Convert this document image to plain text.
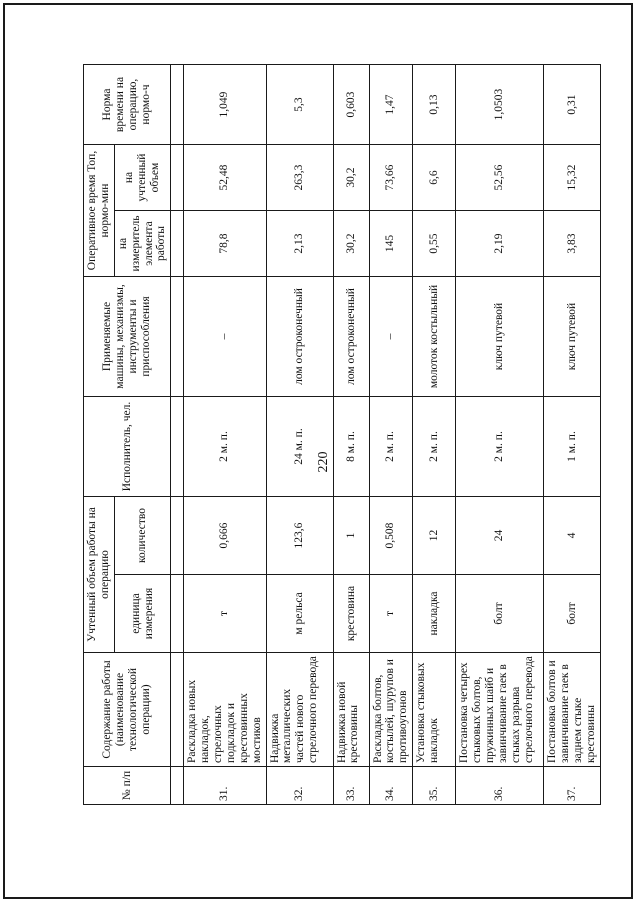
220
№ п/п	Содержание работы (наименование технологической операции)	Учтенный объем работы на операцию		Исполнитель, чел.	Применяемые машины, механизмы, инструменты и приспособления	Оперативное время Топ, нормо-мин		Норма времени на операцию, нормо-ч
		единица измерения	количество			на измеритель элемента работы	на учтенный объем	

31.	Раскладка новых накладок, стрелочных подкладок и крестовинных мостиков	т	0,666	2 м. п.	–	78,8	52,48	1,049
32.	Надвижка металлических частей нового стрелочного перевода	м рельса	123,6	24 м. п.	лом остроконечный	2,13	263,3	5,3
33.	Надвижка новой крестовины	крестовина	1	8 м. п.	лом остроконечный	30,2	30,2	0,603
34.	Раскладка болтов, костылей, шурупов и противоугонов	т	0,508	2 м. п.	–	145	73,66	1,47
35.	Установка стыковых накладок	накладка	12	2 м. п.	молоток костыльный	0,55	6,6	0,13
36.	Постановка четырех стыковых болтов, пружинных шайб и завинчивание гаек в стыках разрыва стрелочного перевода	болт	24	2 м. п.	ключ путевой	2,19	52,56	1,0503
37.	Постановка болтов и завинчивание гаек в заднем стыке крестовины	болт	4	1 м. п.	ключ путевой	3,83	15,32	0,31
